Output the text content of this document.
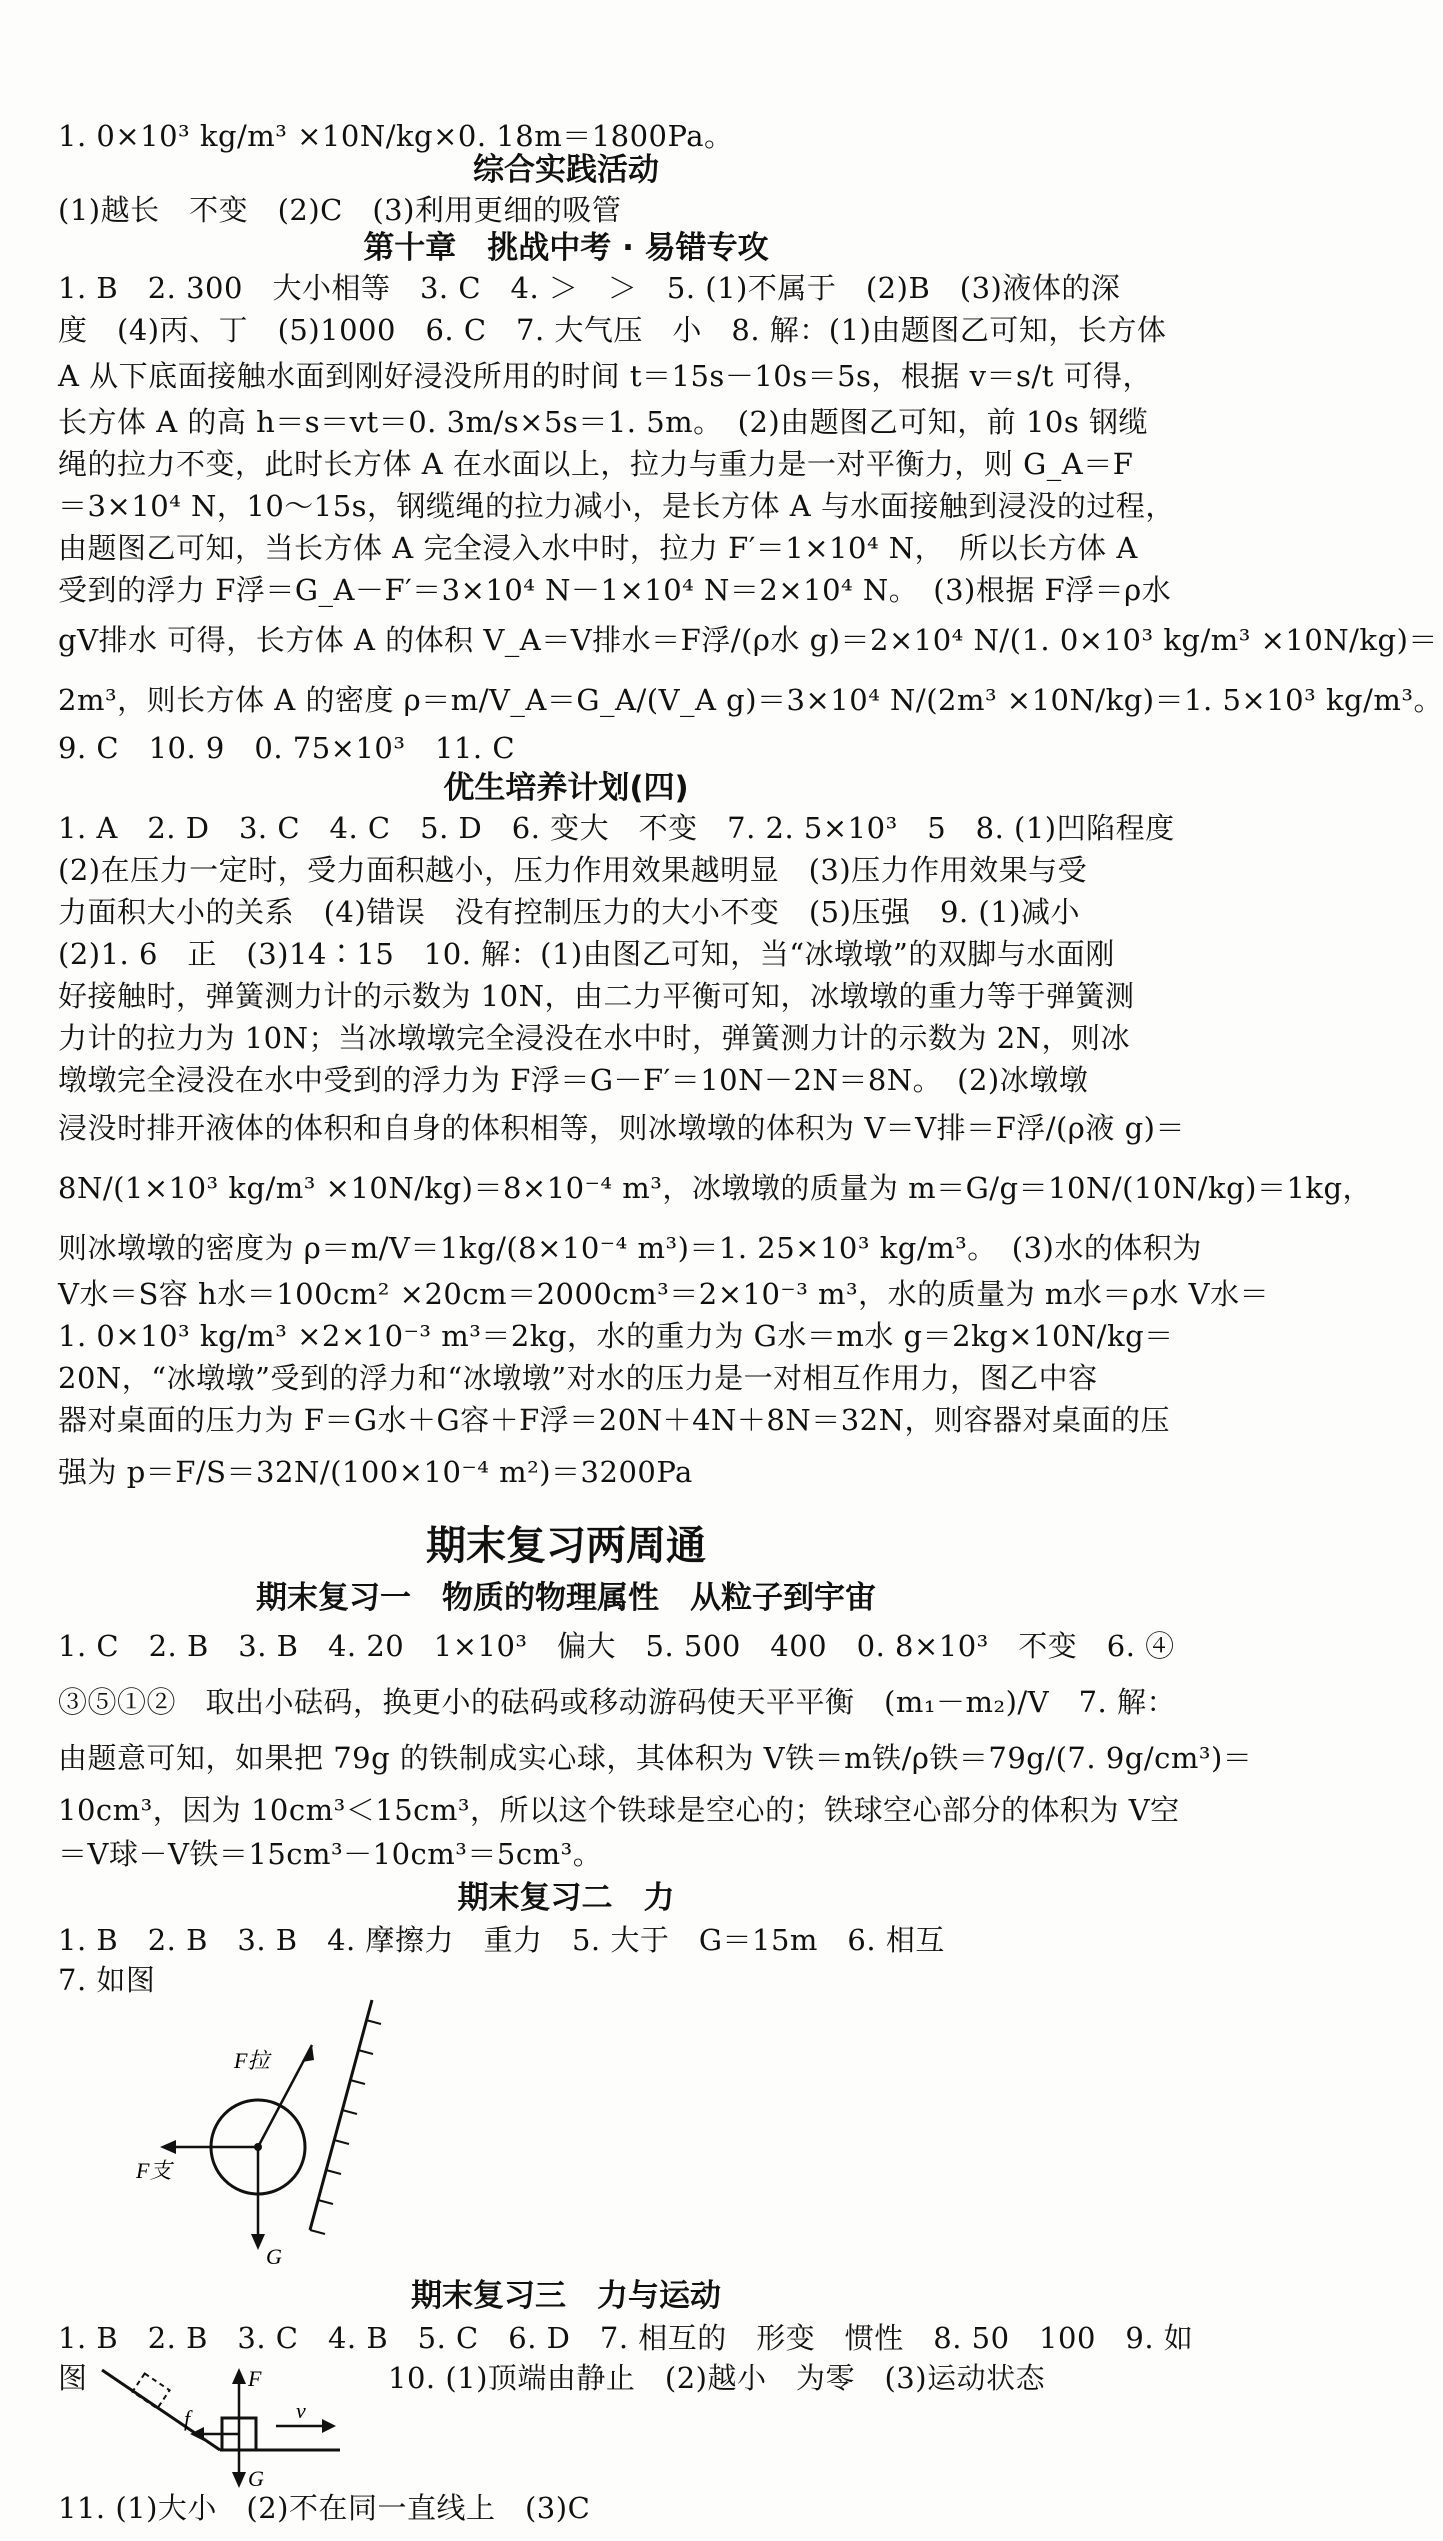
1. 0×10³ kg/m³ ×10N/kg×0. 18m＝1800Pa。
综合实践活动
(1)越长　不变　(2)C　(3)利用更细的吸管
第十章　挑战中考 · 易错专攻
1. B　2. 300　大小相等　3. C　4. ＞　＞　5. (1)不属于　(2)B　(3)液体的深
度　(4)丙、丁　(5)1000　6. C　7. 大气压　小　8. 解：(1)由题图乙可知，长方体
A 从下底面接触水面到刚好浸没所用的时间 t＝15s－10s＝5s，根据 v＝s/t 可得，
长方体 A 的高 h＝s＝vt＝0. 3m/s×5s＝1. 5m。　(2)由题图乙可知，前 10s 钢缆
绳的拉力不变，此时长方体 A 在水面以上，拉力与重力是一对平衡力，则 G_A＝F
＝3×10⁴ N，10～15s，钢缆绳的拉力减小，是长方体 A 与水面接触到浸没的过程，
由题图乙可知，当长方体 A 完全浸入水中时，拉力 F′＝1×10⁴ N，　所以长方体 A
受到的浮力 F浮＝G_A－F′＝3×10⁴ N－1×10⁴ N＝2×10⁴ N。　(3)根据 F浮＝ρ水
gV排水 可得，长方体 A 的体积 V_A＝V排水＝F浮/(ρ水 g)＝2×10⁴ N/(1. 0×10³ kg/m³ ×10N/kg)＝
2m³，则长方体 A 的密度 ρ＝m/V_A＝G_A/(V_A g)＝3×10⁴ N/(2m³ ×10N/kg)＝1. 5×10³ kg/m³。
9. C　10. 9　0. 75×10³　11. C
优生培养计划(四)
1. A　2. D　3. C　4. C　5. D　6. 变大　不变　7. 2. 5×10³　5　8. (1)凹陷程度
(2)在压力一定时，受力面积越小，压力作用效果越明显　(3)压力作用效果与受
力面积大小的关系　(4)错误　没有控制压力的大小不变　(5)压强　9. (1)减小
(2)1. 6　正　(3)14∶15　10. 解：(1)由图乙可知，当“冰墩墩”的双脚与水面刚
好接触时，弹簧测力计的示数为 10N，由二力平衡可知，冰墩墩的重力等于弹簧测
力计的拉力为 10N；当冰墩墩完全浸没在水中时，弹簧测力计的示数为 2N，则冰
墩墩完全浸没在水中受到的浮力为 F浮＝G－F′＝10N－2N＝8N。　(2)冰墩墩
浸没时排开液体的体积和自身的体积相等，则冰墩墩的体积为 V＝V排＝F浮/(ρ液 g)＝
8N/(1×10³ kg/m³ ×10N/kg)＝8×10⁻⁴ m³，冰墩墩的质量为 m＝G/g＝10N/(10N/kg)＝1kg，
则冰墩墩的密度为 ρ＝m/V＝1kg/(8×10⁻⁴ m³)＝1. 25×10³ kg/m³。　(3)水的体积为
V水＝S容 h水＝100cm² ×20cm＝2000cm³＝2×10⁻³ m³，水的质量为 m水＝ρ水 V水＝
1. 0×10³ kg/m³ ×2×10⁻³ m³＝2kg，水的重力为 G水＝m水 g＝2kg×10N/kg＝
20N，“冰墩墩”受到的浮力和“冰墩墩”对水的压力是一对相互作用力，图乙中容
器对桌面的压力为 F＝G水＋G容＋F浮＝20N＋4N＋8N＝32N，则容器对桌面的压
强为 p＝F/S＝32N/(100×10⁻⁴ m²)＝3200Pa
期末复习两周通
期末复习一　物质的物理属性　从粒子到宇宙
1. C　2. B　3. B　4. 20　1×10³　偏大　5. 500　400　0. 8×10³　不变　6. ④
③⑤①②　取出小砝码，换更小的砝码或移动游码使天平平衡　(m₁－m₂)/V　7. 解：
由题意可知，如果把 79g 的铁制成实心球，其体积为 V铁＝m铁/ρ铁＝79g/(7. 9g/cm³)＝
10cm³，因为 10cm³＜15cm³，所以这个铁球是空心的；铁球空心部分的体积为 V空
＝V球－V铁＝15cm³－10cm³＝5cm³。
期末复习二　力
1. B　2. B　3. B　4. 摩擦力　重力　5. 大于　G＝15m　6. 相互
7. 如图
F拉
F支
G
期末复习三　力与运动
1. B　2. B　3. C　4. B　5. C　6. D　7. 相互的　形变　惯性　8. 50　100　9. 如
图	10. (1)顶端由静止　(2)越小　为零　(3)运动状态
F
f	v
G
11. (1)大小　(2)不在同一直线上　(3)C
